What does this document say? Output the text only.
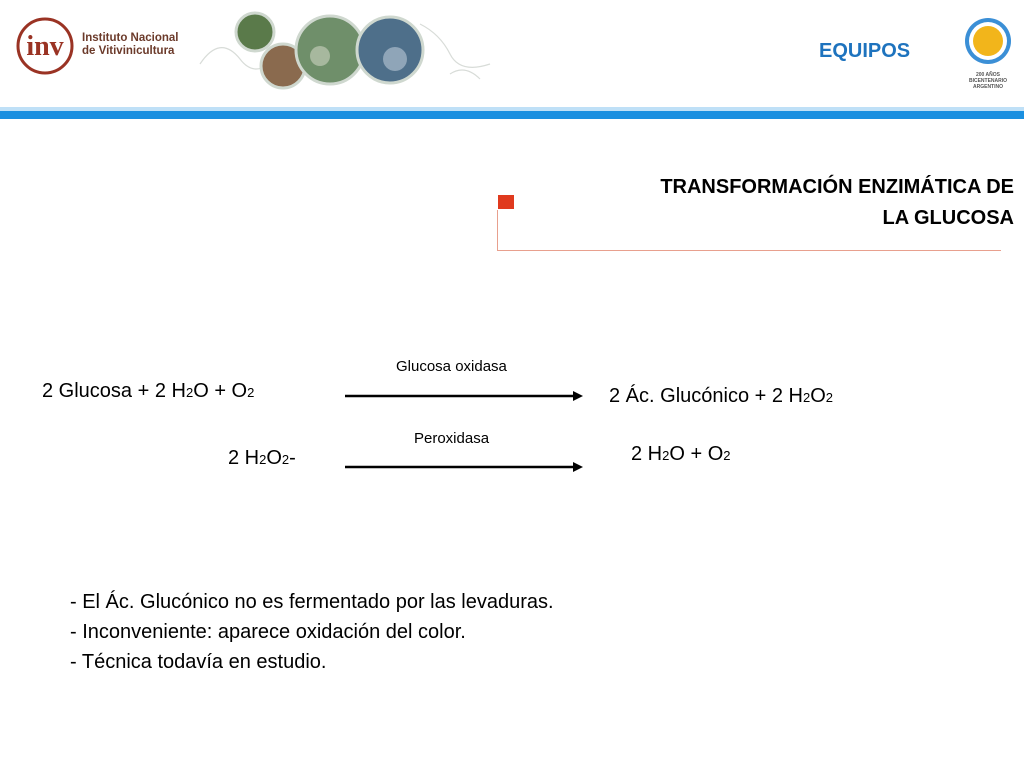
inv Instituto Nacional
de Vitivinicultura	EQUIPOS
200 AÑOS
BICENTENARIO
ARGENTINO
TRANSFORMACIÓN ENZIMÁTICA DE
LA GLUCOSA
Glucosa oxidasa
2 Glucosa + 2 H2O + O2	2 Ác. Glucónico + 2 H2O2
Peroxidasa
2 H2O2-	2 H2O + O2
- El Ác. Glucónico no es fermentado por las levaduras.
- Inconveniente: aparece oxidación del color.
- Técnica todavía en estudio.
